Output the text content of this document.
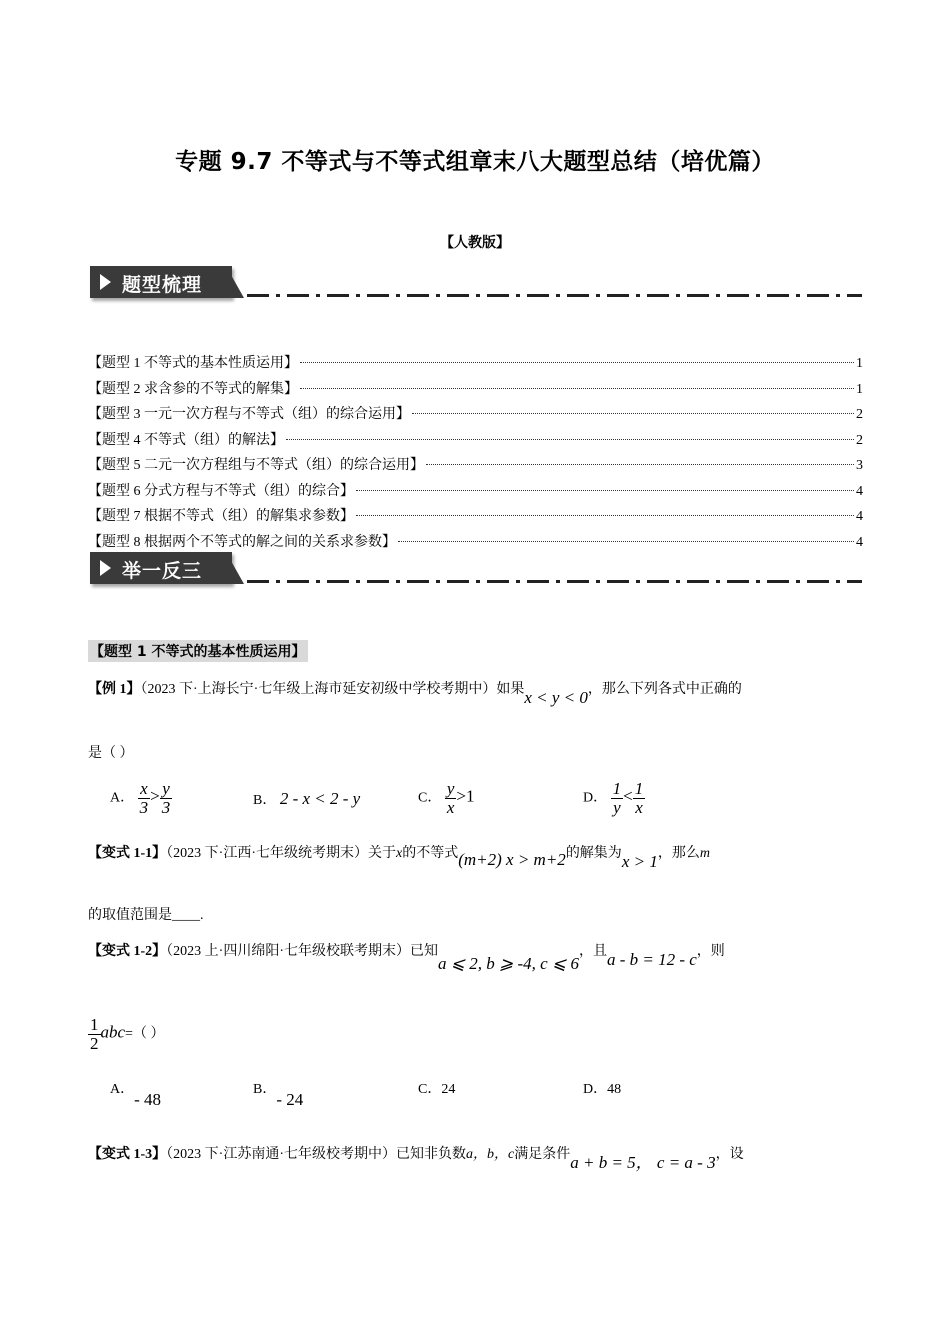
专题 9.7 不等式与不等式组章末八大题型总结（培优篇）
【人教版】
题型梳理
【题型 1 不等式的基本性质运用】	1
【题型 2 求含参的不等式的解集】	1
【题型 3 一元一次方程与不等式（组）的综合运用】	2
【题型 4 不等式（组）的解法】	2
【题型 5 二元一次方程组与不等式（组）的综合运用】	3
【题型 6 分式方程与不等式（组）的综合】	4
【题型 7 根据不等式（组）的解集求参数】	4
【题型 8 根据两个不等式的解之间的关系求参数】	4
举一反三
【题型 1 不等式的基本性质运用】
【例 1】（2023 下·上海长宁·七年级上海市延安初级中学校考期中）如果x < y < 0，那么下列各式中正确的
是（ ）
A． $\frac{x}{3} > \frac{y}{3}$	B． 2 - x < 2 - y	C． $\frac{y}{x} >1$	D． $\frac{1}{y} < \frac{1}{x}$
【变式 1-1】（2023 下·江西·七年级统考期末）关于x的不等式(m+2) x > m+2的解集为x > 1，那么m
的取值范围是____.
【变式 1-2】（2023 上·四川绵阳·七年级校联考期末）已知a ⩽ 2, b ⩾ -4, c ⩽ 6，且a - b = 12 - c，则
$\frac{1}{2} abc=$（ ）
A．- 48
B．- 24
C．24	D．48
【变式 1-3】（2023 下·江苏南通·七年级校考期中）已知非负数a，b，c满足条件a + b = 5， c = a - 3，设
